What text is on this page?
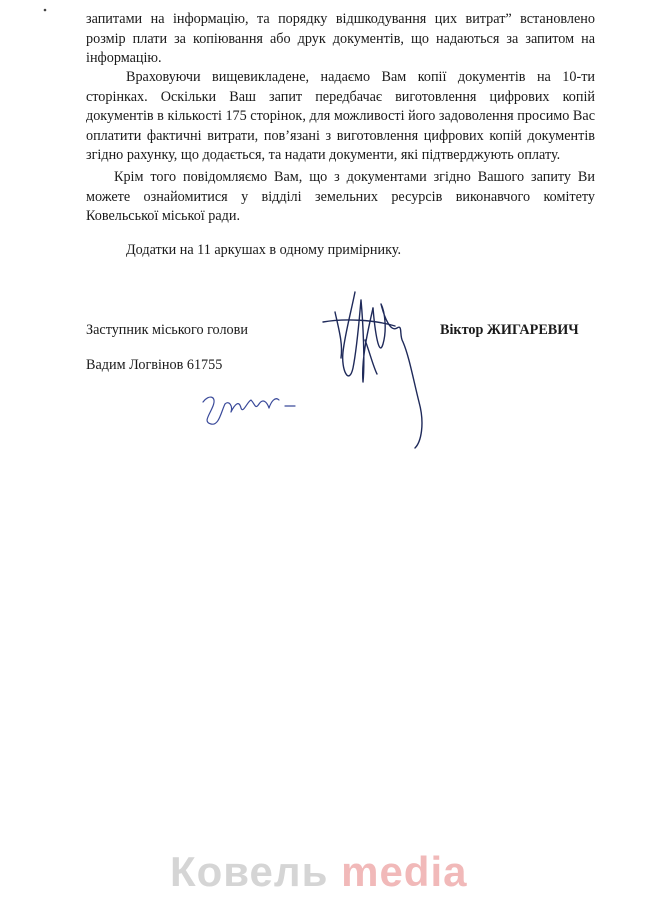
запитами на інформацію, та порядку відшкодування цих витрат” встановлено розмір плати за копіювання або друк документів, що надаються за запитом на інформацію.

Враховуючи вищевикладене, надаємо Вам копії документів на 10-ти сторінках. Оскільки Ваш запит передбачає виготовлення цифрових копій документів в кількості 175 сторінок, для можливості його задоволення просимо Вас оплатити фактичні витрати, пов’язані з виготовлення цифрових копій документів згідно рахунку, що додається, та надати документи, які підтверджують оплату.

Крім того повідомляємо Вам, що з документами згідно Вашого запиту Ви можете ознайомитися у відділі земельних ресурсів виконавчого комітету Ковельської міської ради.

Додатки на 11 аркушах в одному примірнику.
Заступник міського голови	Віктор ЖИГАРЕВИЧ
Вадим Логвінов 61755
Ковель media
